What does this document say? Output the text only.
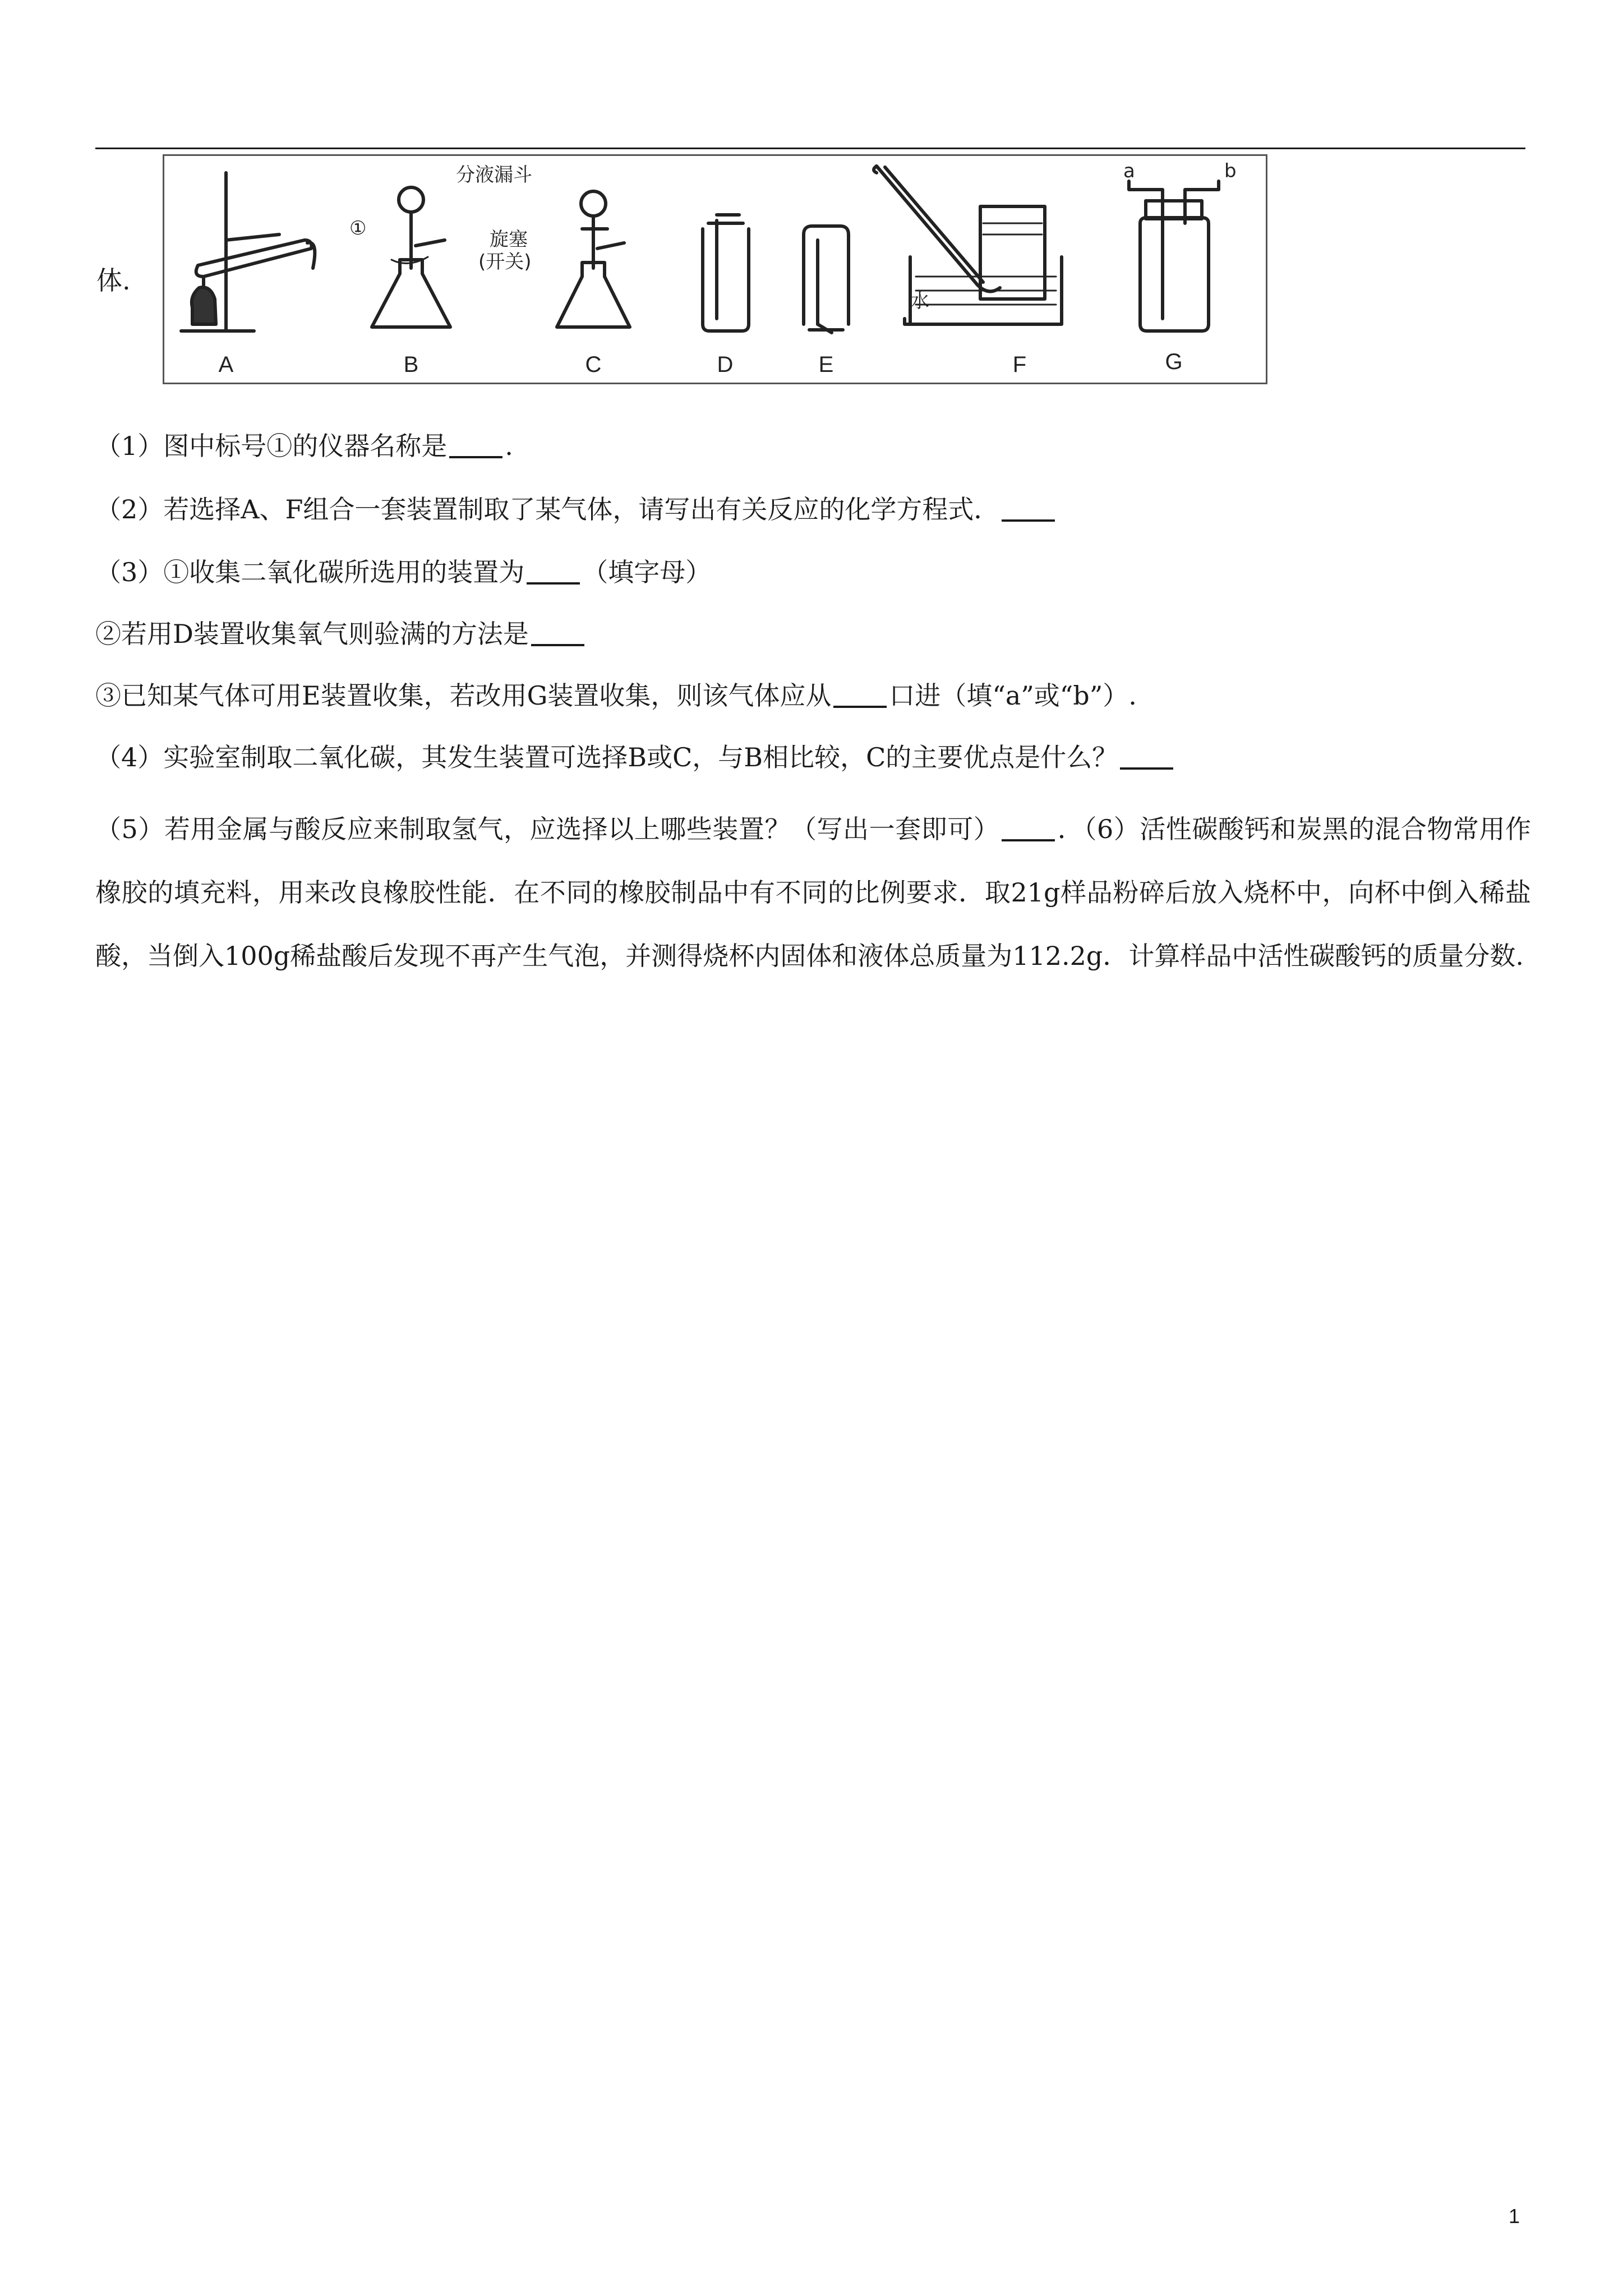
体.
A	B	C	D	E	F	G
①
分液漏斗
旋塞
(开关)
水
a	b
（1）图中标号①的仪器名称是 .
（2）若选择A、F组合一套装置制取了某气体，请写出有关反应的化学方程式．
（3）①收集二氧化碳所选用的装置为 （填字母）
②若用D装置收集氧气则验满的方法是
③已知某气体可用E装置收集，若改用G装置收集，则该气体应从 口进（填“a”或“b”）.
（4）实验室制取二氧化碳，其发生装置可选择B或C，与B相比较，C的主要优点是什么？
（5）若用金属与酸反应来制取氢气，应选择以上哪些装置？（写出一套即可） ．（6）活性碳酸钙和炭黑的混合物常用作橡胶的填充料，用来改良橡胶性能．在不同的橡胶制品中有不同的比例要求．取21g样品粉碎后放入烧杯中，向杯中倒入稀盐酸，当倒入100g稀盐酸后发现不再产生气泡，并测得烧杯内固体和液体总质量为112.2g．计算样品中活性碳酸钙的质量分数.
1
